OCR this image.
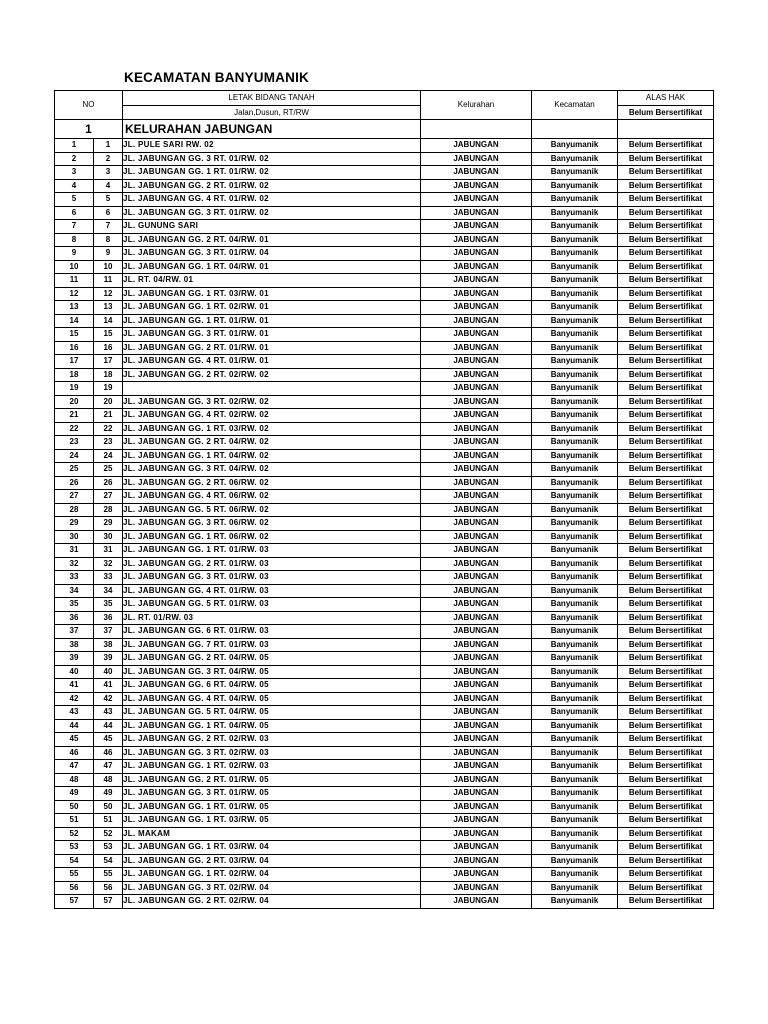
KECAMATAN BANYUMANIK
NO		LETAK BIDANG TANAH	Kelurahan	Kecamatan	ALAS HAK
		Jalan,Dusun, RT/RW			Belum Bersertifikat
1		KELURAHAN JABUNGAN			
1	1	JL. PULE SARI RW. 02	JABUNGAN	Banyumanik	Belum Bersertifikat
2	2	JL. JABUNGAN GG. 3 RT. 01/RW. 02	JABUNGAN	Banyumanik	Belum Bersertifikat
3	3	JL. JABUNGAN GG. 1 RT. 01/RW. 02	JABUNGAN	Banyumanik	Belum Bersertifikat
4	4	JL. JABUNGAN GG. 2 RT. 01/RW. 02	JABUNGAN	Banyumanik	Belum Bersertifikat
5	5	JL. JABUNGAN GG. 4 RT. 01/RW. 02	JABUNGAN	Banyumanik	Belum Bersertifikat
6	6	JL. JABUNGAN GG. 3 RT. 01/RW. 02	JABUNGAN	Banyumanik	Belum Bersertifikat
7	7	JL. GUNUNG SARI	JABUNGAN	Banyumanik	Belum Bersertifikat
8	8	JL. JABUNGAN GG. 2 RT. 04/RW. 01	JABUNGAN	Banyumanik	Belum Bersertifikat
9	9	JL. JABUNGAN GG. 3 RT. 01/RW. 04	JABUNGAN	Banyumanik	Belum Bersertifikat
10	10	JL. JABUNGAN GG. 1 RT. 04/RW. 01	JABUNGAN	Banyumanik	Belum Bersertifikat
11	11	JL. RT. 04/RW. 01	JABUNGAN	Banyumanik	Belum Bersertifikat
12	12	JL. JABUNGAN GG. 1 RT. 03/RW. 01	JABUNGAN	Banyumanik	Belum Bersertifikat
13	13	JL. JABUNGAN GG. 1 RT. 02/RW. 01	JABUNGAN	Banyumanik	Belum Bersertifikat
14	14	JL. JABUNGAN GG. 1 RT. 01/RW. 01	JABUNGAN	Banyumanik	Belum Bersertifikat
15	15	JL. JABUNGAN GG. 3 RT. 01/RW. 01	JABUNGAN	Banyumanik	Belum Bersertifikat
16	16	JL. JABUNGAN GG. 2 RT. 01/RW. 01	JABUNGAN	Banyumanik	Belum Bersertifikat
17	17	JL. JABUNGAN GG. 4 RT. 01/RW. 01	JABUNGAN	Banyumanik	Belum Bersertifikat
18	18	JL. JABUNGAN GG. 2 RT. 02/RW. 02	JABUNGAN	Banyumanik	Belum Bersertifikat
19	19		JABUNGAN	Banyumanik	Belum Bersertifikat
20	20	JL. JABUNGAN GG. 3 RT. 02/RW. 02	JABUNGAN	Banyumanik	Belum Bersertifikat
21	21	JL. JABUNGAN GG. 4 RT. 02/RW. 02	JABUNGAN	Banyumanik	Belum Bersertifikat
22	22	JL. JABUNGAN GG. 1 RT. 03/RW. 02	JABUNGAN	Banyumanik	Belum Bersertifikat
23	23	JL. JABUNGAN GG. 2 RT. 04/RW. 02	JABUNGAN	Banyumanik	Belum Bersertifikat
24	24	JL. JABUNGAN GG. 1 RT. 04/RW. 02	JABUNGAN	Banyumanik	Belum Bersertifikat
25	25	JL. JABUNGAN GG. 3 RT. 04/RW. 02	JABUNGAN	Banyumanik	Belum Bersertifikat
26	26	JL. JABUNGAN GG. 2 RT. 06/RW. 02	JABUNGAN	Banyumanik	Belum Bersertifikat
27	27	JL. JABUNGAN GG. 4 RT. 06/RW. 02	JABUNGAN	Banyumanik	Belum Bersertifikat
28	28	JL. JABUNGAN GG. 5 RT. 06/RW. 02	JABUNGAN	Banyumanik	Belum Bersertifikat
29	29	JL. JABUNGAN GG. 3 RT. 06/RW. 02	JABUNGAN	Banyumanik	Belum Bersertifikat
30	30	JL. JABUNGAN GG. 1 RT. 06/RW. 02	JABUNGAN	Banyumanik	Belum Bersertifikat
31	31	JL. JABUNGAN GG. 1 RT. 01/RW. 03	JABUNGAN	Banyumanik	Belum Bersertifikat
32	32	JL. JABUNGAN GG. 2 RT. 01/RW. 03	JABUNGAN	Banyumanik	Belum Bersertifikat
33	33	JL. JABUNGAN GG. 3 RT. 01/RW. 03	JABUNGAN	Banyumanik	Belum Bersertifikat
34	34	JL. JABUNGAN GG. 4 RT. 01/RW. 03	JABUNGAN	Banyumanik	Belum Bersertifikat
35	35	JL. JABUNGAN GG. 5 RT. 01/RW. 03	JABUNGAN	Banyumanik	Belum Bersertifikat
36	36	JL. RT. 01/RW. 03	JABUNGAN	Banyumanik	Belum Bersertifikat
37	37	JL. JABUNGAN GG. 6 RT. 01/RW. 03	JABUNGAN	Banyumanik	Belum Bersertifikat
38	38	JL. JABUNGAN GG. 7 RT. 01/RW. 03	JABUNGAN	Banyumanik	Belum Bersertifikat
39	39	JL. JABUNGAN GG. 2 RT. 04/RW. 05	JABUNGAN	Banyumanik	Belum Bersertifikat
40	40	JL. JABUNGAN GG. 3 RT. 04/RW. 05	JABUNGAN	Banyumanik	Belum Bersertifikat
41	41	JL. JABUNGAN GG. 6 RT. 04/RW. 05	JABUNGAN	Banyumanik	Belum Bersertifikat
42	42	JL. JABUNGAN GG. 4 RT. 04/RW. 05	JABUNGAN	Banyumanik	Belum Bersertifikat
43	43	JL. JABUNGAN GG. 5 RT. 04/RW. 05	JABUNGAN	Banyumanik	Belum Bersertifikat
44	44	JL. JABUNGAN GG. 1 RT. 04/RW. 05	JABUNGAN	Banyumanik	Belum Bersertifikat
45	45	JL. JABUNGAN GG. 2 RT. 02/RW. 03	JABUNGAN	Banyumanik	Belum Bersertifikat
46	46	JL. JABUNGAN GG. 3 RT. 02/RW. 03	JABUNGAN	Banyumanik	Belum Bersertifikat
47	47	JL. JABUNGAN GG. 1 RT. 02/RW. 03	JABUNGAN	Banyumanik	Belum Bersertifikat
48	48	JL. JABUNGAN GG. 2 RT. 01/RW. 05	JABUNGAN	Banyumanik	Belum Bersertifikat
49	49	JL. JABUNGAN GG. 3 RT. 01/RW. 05	JABUNGAN	Banyumanik	Belum Bersertifikat
50	50	JL. JABUNGAN GG. 1 RT. 01/RW. 05	JABUNGAN	Banyumanik	Belum Bersertifikat
51	51	JL. JABUNGAN GG. 1 RT. 03/RW. 05	JABUNGAN	Banyumanik	Belum Bersertifikat
52	52	JL. MAKAM	JABUNGAN	Banyumanik	Belum Bersertifikat
53	53	JL. JABUNGAN GG. 1 RT. 03/RW. 04	JABUNGAN	Banyumanik	Belum Bersertifikat
54	54	JL. JABUNGAN GG. 2 RT. 03/RW. 04	JABUNGAN	Banyumanik	Belum Bersertifikat
55	55	JL. JABUNGAN GG. 1 RT. 02/RW. 04	JABUNGAN	Banyumanik	Belum Bersertifikat
56	56	JL. JABUNGAN GG. 3 RT. 02/RW. 04	JABUNGAN	Banyumanik	Belum Bersertifikat
57	57	JL. JABUNGAN GG. 2 RT. 02/RW. 04	JABUNGAN	Banyumanik	Belum Bersertifikat
